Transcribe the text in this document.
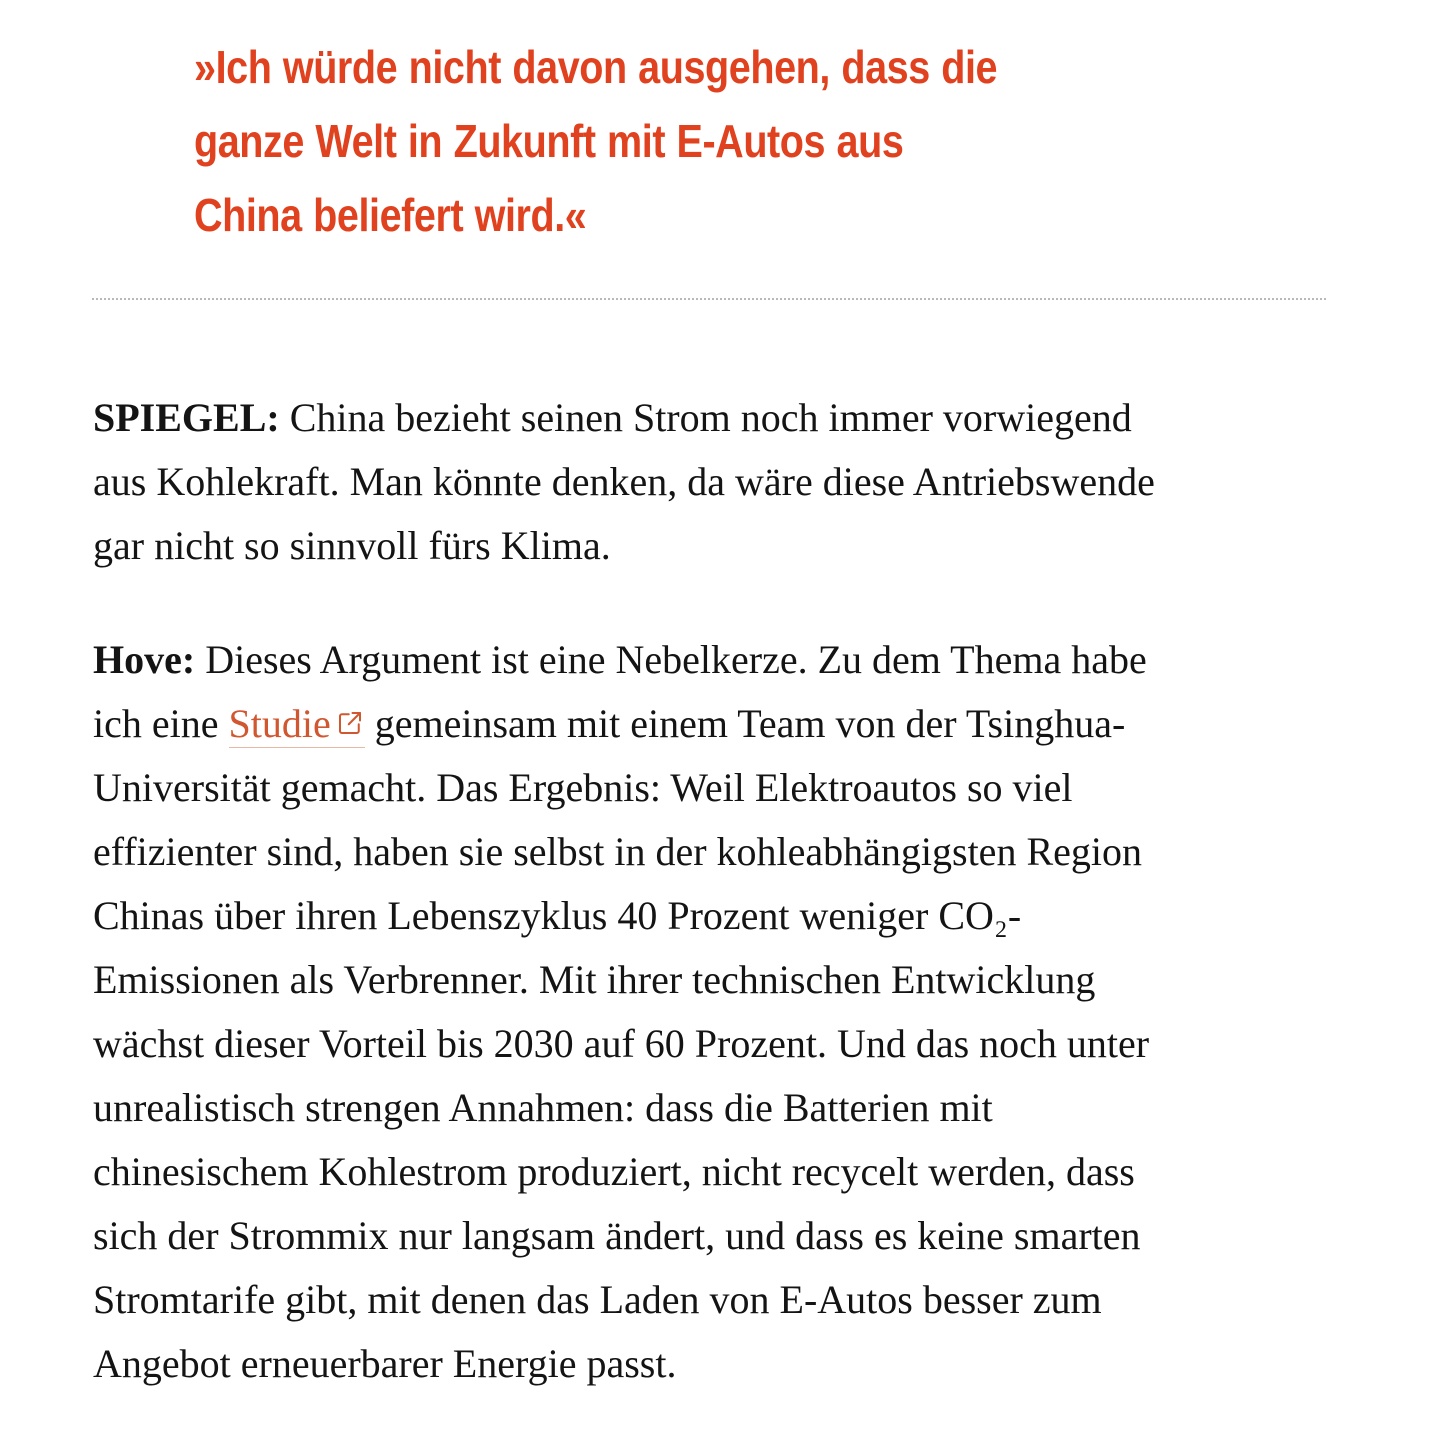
»Ich würde nicht davon ausgehen, dass die
ganze Welt in Zukunft mit E-Autos aus
China beliefert wird.«

SPIEGEL: China bezieht seinen Strom noch immer vorwiegend
aus Kohlekraft. Man könnte denken, da wäre diese Antriebswende
gar nicht so sinnvoll fürs Klima.

Hove: Dieses Argument ist eine Nebelkerze. Zu dem Thema habe
ich eine Studie gemeinsam mit einem Team von der Tsinghua-
Universität gemacht. Das Ergebnis: Weil Elektroautos so viel
effizienter sind, haben sie selbst in der kohleabhängigsten Region
Chinas über ihren Lebenszyklus 40 Prozent weniger CO₂-
Emissionen als Verbrenner. Mit ihrer technischen Entwicklung
wächst dieser Vorteil bis 2030 auf 60 Prozent. Und das noch unter
unrealistisch strengen Annahmen: dass die Batterien mit
chinesischem Kohlestrom produziert, nicht recycelt werden, dass
sich der Strommix nur langsam ändert, und dass es keine smarten
Stromtarife gibt, mit denen das Laden von E-Autos besser zum
Angebot erneuerbarer Energie passt.
